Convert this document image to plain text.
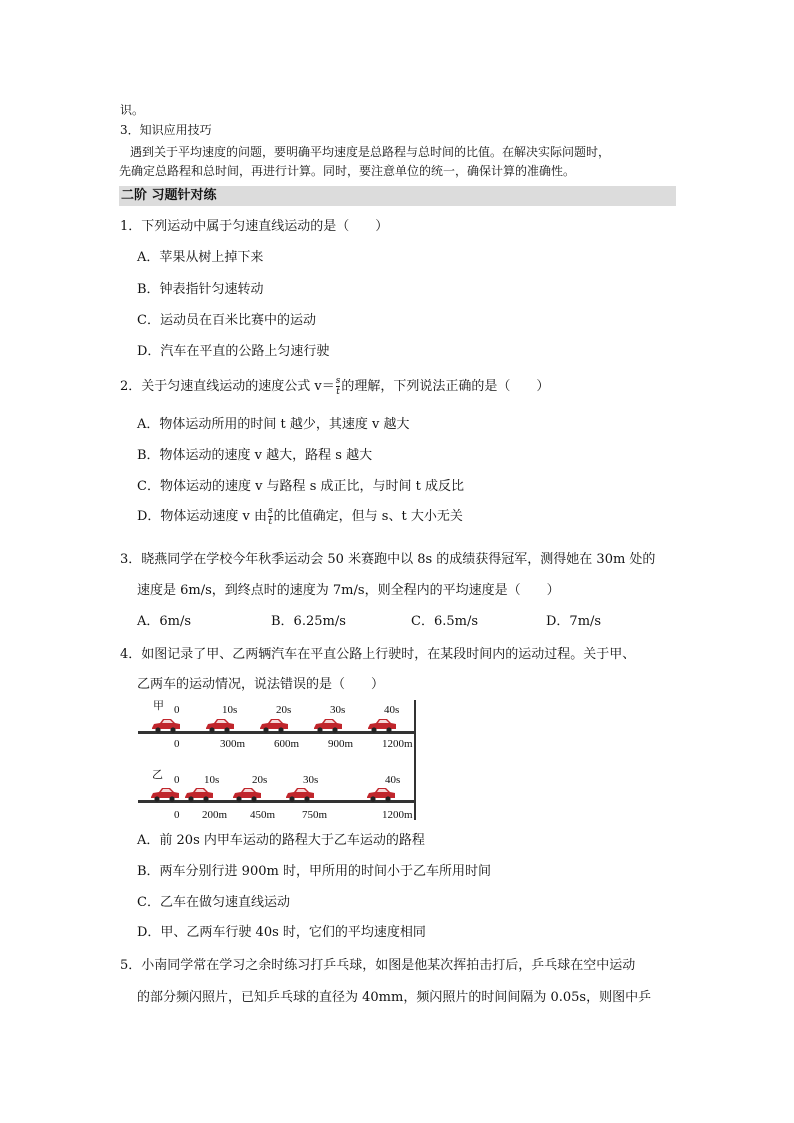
识。
3．知识应用技巧
遇到关于平均速度的问题，要明确平均速度是总路程与总时间的比值。在解决实际问题时，
先确定总路程和总时间，再进行计算。同时，要注意单位的统一，确保计算的准确性。
二阶 习题针对练
1．下列运动中属于匀速直线运动的是（　　）
A．苹果从树上掉下来
B．钟表指针匀速转动
C．运动员在百米比赛中的运动
D．汽车在平直的公路上匀速行驶
2．关于匀速直线运动的速度公式 $v= \frac{s}{t}$ 的理解，下列说法正确的是（　　）
A．物体运动所用的时间 t 越少，其速度 v 越大
B．物体运动的速度 v 越大，路程 s 越大
C．物体运动的速度 v 与路程 s 成正比，与时间 t 成反比
D．物体运动速度 v 由 $\frac{s}{t}$ 的比值确定，但与 s、t 大小无关
3．晓燕同学在学校今年秋季运动会 50 米赛跑中以 8s 的成绩获得冠军，测得她在 30m 处的
速度是 6m/s，到终点时的速度为 7m/s，则全程内的平均速度是（　　）
A．6m/s	B．6.25m/s	C．6.5m/s	D．7m/s
4．如图记录了甲、乙两辆汽车在平直公路上行驶时，在某段时间内的运动过程。关于甲、
乙两车的运动情况，说法错误的是（　　）
甲
乙
0	10s	20s	30s	40s
0	300m	600m	900m	1200m
0 10s	20s	30s	40s
0 200m 450m 750m	1200m
A．前 20s 内甲车运动的路程大于乙车运动的路程
B．两车分别行进 900m 时，甲所用的时间小于乙车所用时间
C．乙车在做匀速直线运动
D．甲、乙两车行驶 40s 时，它们的平均速度相同
5．小南同学常在学习之余时练习打乒乓球，如图是他某次挥拍击打后，乒乓球在空中运动
的部分频闪照片，已知乒乓球的直径为 40mm，频闪照片的时间间隔为 0.05s，则图中乒
